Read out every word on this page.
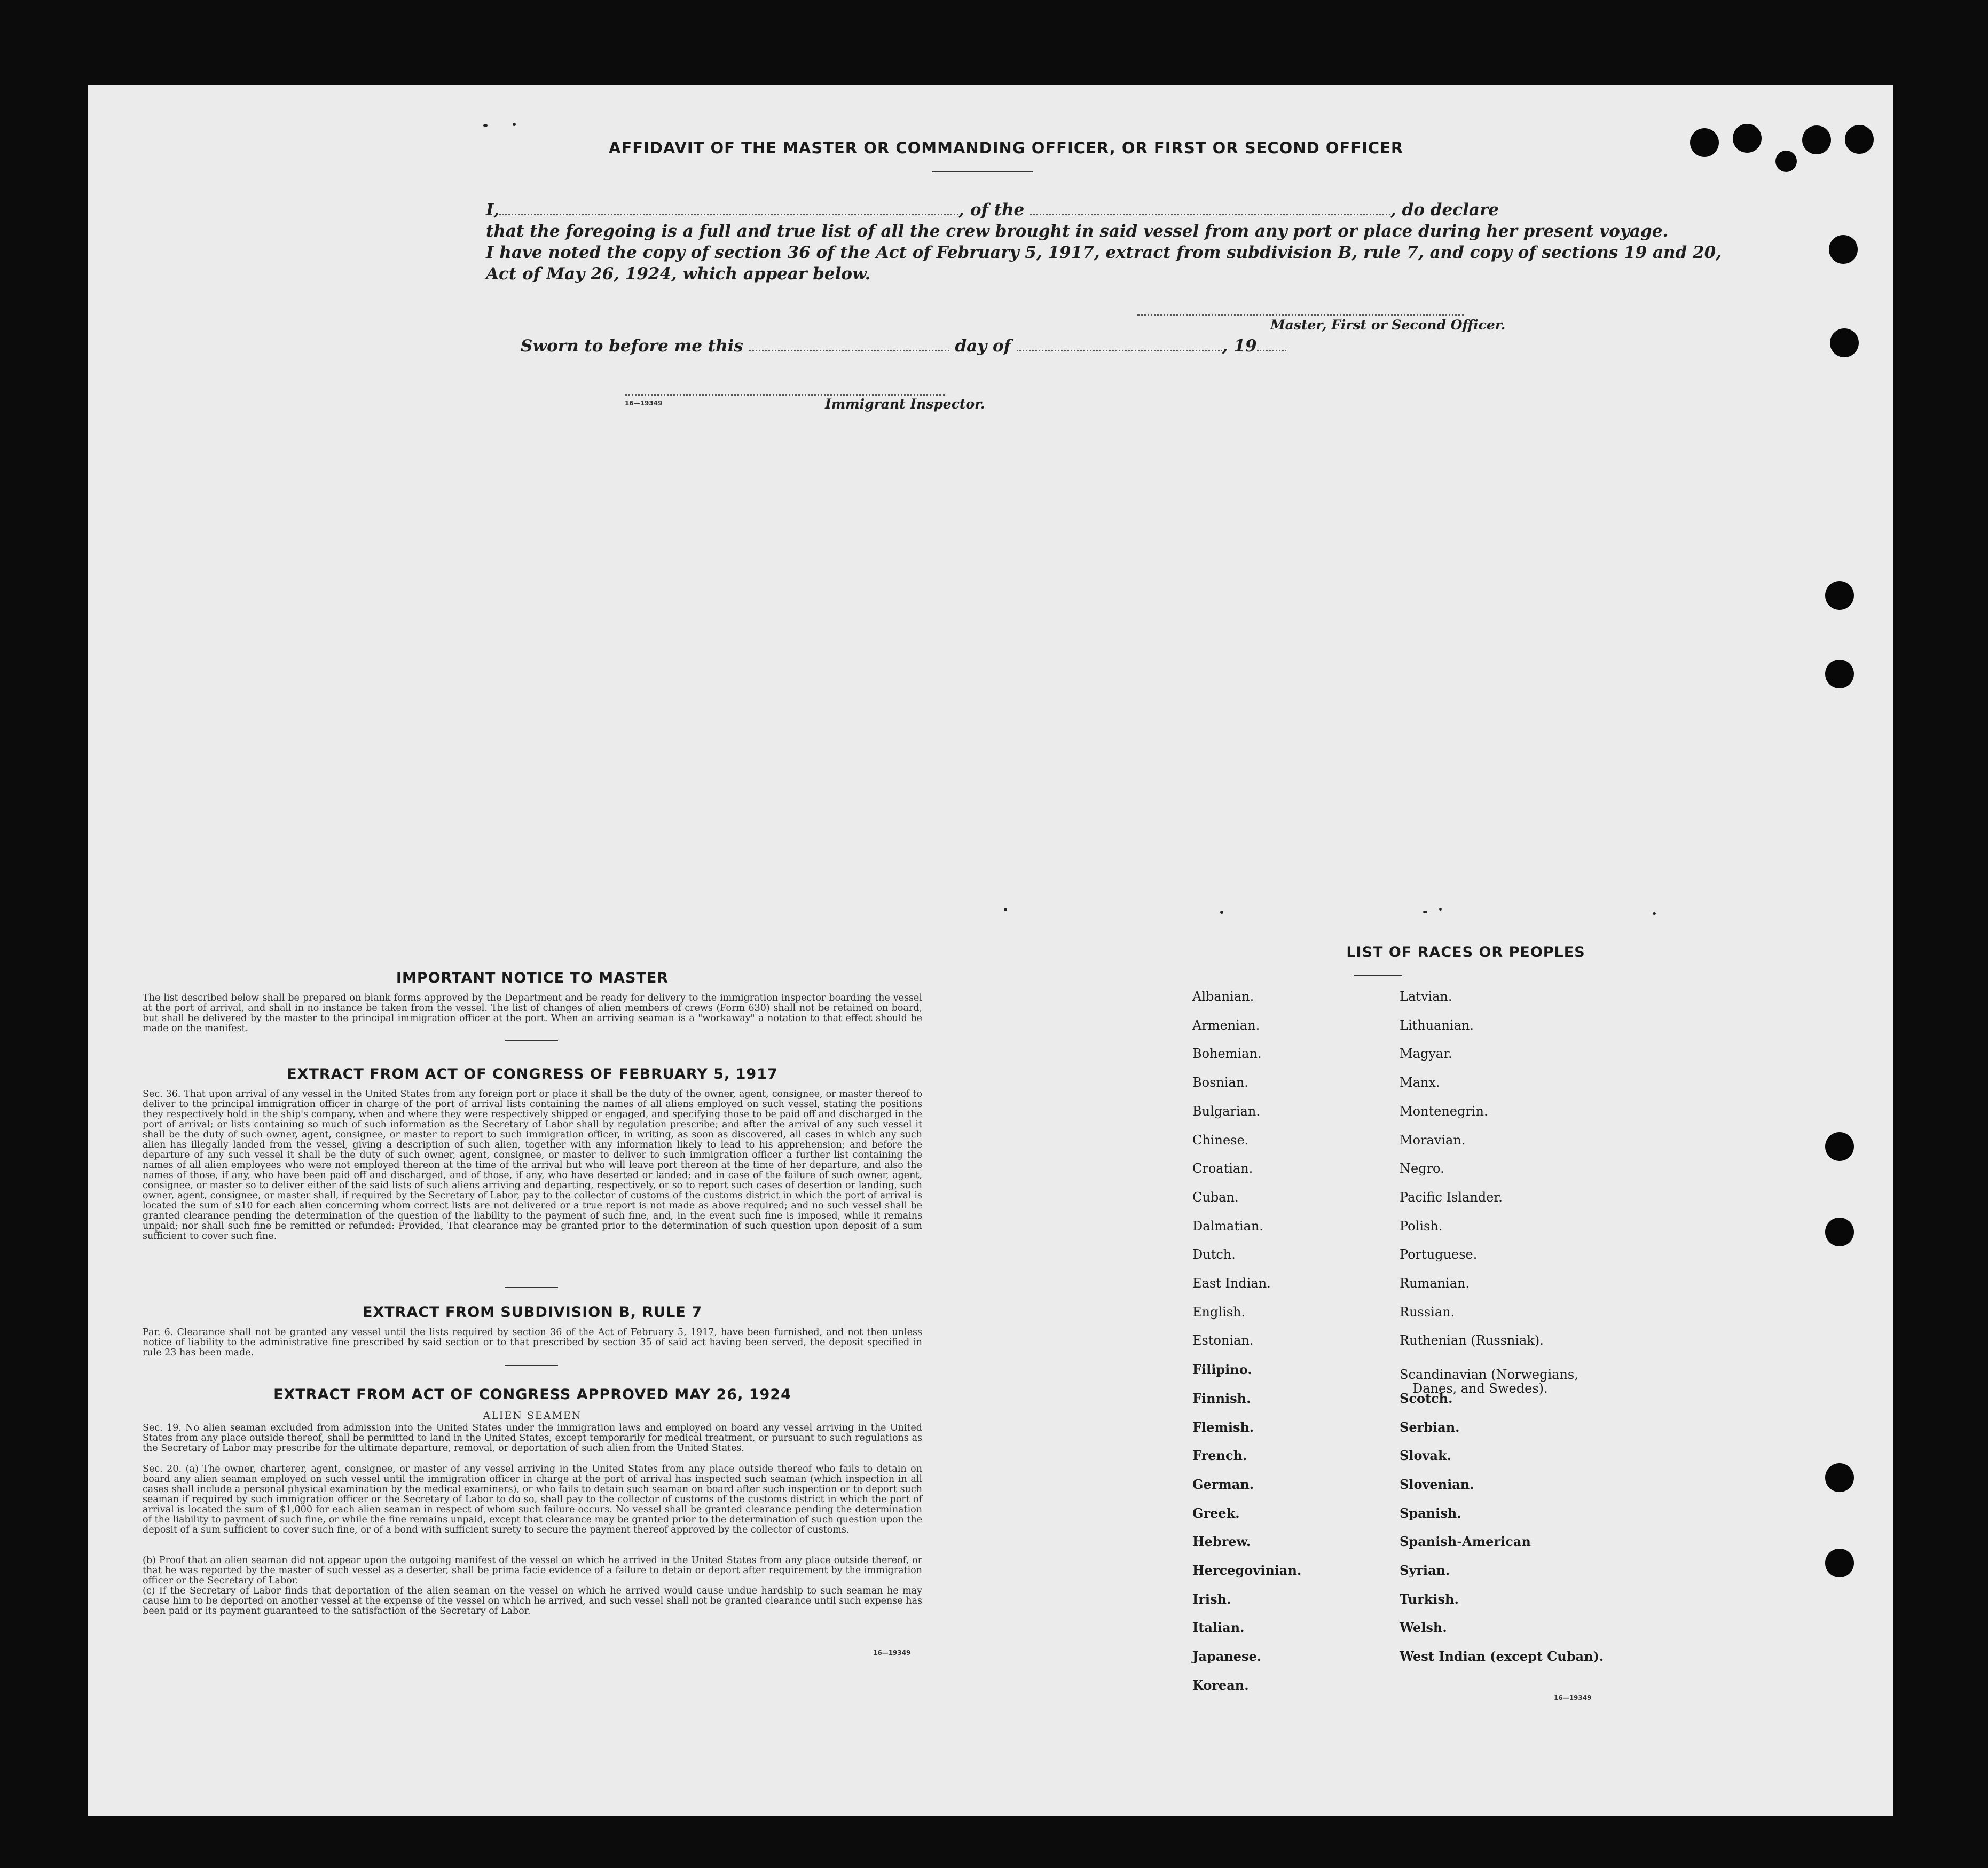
AFFIDAVIT OF THE MASTER OR COMMANDING OFFICER, OR FIRST OR SECOND OFFICER
I,	, of the	, do declare
that the foregoing is a full and true list of all the crew brought in said vessel from any port or place during her present voyage.
I have noted the copy of section 36 of the Act of February 5, 1917, extract from subdivision B, rule 7, and copy of sections 19 and 20,
Act of May 26, 1924, which appear below.
Master, First or Second Officer.
Sworn to before me this	day of	, 19
16—19349	Immigrant Inspector.
IMPORTANT NOTICE TO MASTER
The list described below shall be prepared on blank forms approved by the Department and be ready for delivery to the immigration inspector boarding the vessel at the port of arrival, and shall in no instance be taken from the vessel. The list of changes of alien members of crews (Form 630) shall not be retained on board, but shall be delivered by the master to the principal immigration officer at the port. When an arriving seaman is a "workaway" a notation to that effect should be made on the manifest.
EXTRACT FROM ACT OF CONGRESS OF FEBRUARY 5, 1917
Sec. 36. That upon arrival of any vessel in the United States from any foreign port or place it shall be the duty of the owner, agent, consignee, or master thereof to deliver to the principal immigration officer in charge of the port of arrival lists containing the names of all aliens employed on such vessel, stating the positions they respectively hold in the ship's company, when and where they were respectively shipped or engaged, and specifying those to be paid off and discharged in the port of arrival; or lists containing so much of such information as the Secretary of Labor shall by regulation prescribe; and after the arrival of any such vessel it shall be the duty of such owner, agent, consignee, or master to report to such immigration officer, in writing, as soon as discovered, all cases in which any such alien has illegally landed from the vessel, giving a description of such alien, together with any information likely to lead to his apprehension; and before the departure of any such vessel it shall be the duty of such owner, agent, consignee, or master to deliver to such immigration officer a further list containing the names of all alien employees who were not employed thereon at the time of the arrival but who will leave port thereon at the time of her departure, and also the names of those, if any, who have been paid off and discharged, and of those, if any, who have deserted or landed; and in case of the failure of such owner, agent, consignee, or master so to deliver either of the said lists of such aliens arriving and departing, respectively, or so to report such cases of desertion or landing, such owner, agent, consignee, or master shall, if required by the Secretary of Labor, pay to the collector of customs of the customs district in which the port of arrival is located the sum of $10 for each alien concerning whom correct lists are not delivered or a true report is not made as above required; and no such vessel shall be granted clearance pending the determination of the question of the liability to the payment of such fine, and, in the event such fine is imposed, while it remains unpaid; nor shall such fine be remitted or refunded: Provided, That clearance may be granted prior to the determination of such question upon deposit of a sum sufficient to cover such fine.
EXTRACT FROM SUBDIVISION B, RULE 7
Par. 6. Clearance shall not be granted any vessel until the lists required by section 36 of the Act of February 5, 1917, have been furnished, and not then unless notice of liability to the administrative fine prescribed by said section or to that prescribed by section 35 of said act having been served, the deposit specified in rule 23 has been made.
EXTRACT FROM ACT OF CONGRESS APPROVED MAY 26, 1924
ALIEN SEAMEN
Sec. 19. No alien seaman excluded from admission into the United States under the immigration laws and employed on board any vessel arriving in the United States from any place outside thereof, shall be permitted to land in the United States, except temporarily for medical treatment, or pursuant to such regulations as the Secretary of Labor may prescribe for the ultimate departure, removal, or deportation of such alien from the United States.
Sec. 20. (a) The owner, charterer, agent, consignee, or master of any vessel arriving in the United States from any place outside thereof who fails to detain on board any alien seaman employed on such vessel until the immigration officer in charge at the port of arrival has inspected such seaman (which inspection in all cases shall include a personal physical examination by the medical examiners), or who fails to detain such seaman on board after such inspection or to deport such seaman if required by such immigration officer or the Secretary of Labor to do so, shall pay to the collector of customs of the customs district in which the port of arrival is located the sum of $1,000 for each alien seaman in respect of whom such failure occurs. No vessel shall be granted clearance pending the determination of the liability to payment of such fine, or while the fine remains unpaid, except that clearance may be granted prior to the determination of such question upon the deposit of a sum sufficient to cover such fine, or of a bond with sufficient surety to secure the payment thereof approved by the collector of customs.
(b) Proof that an alien seaman did not appear upon the outgoing manifest of the vessel on which he arrived in the United States from any place outside thereof, or that he was reported by the master of such vessel as a deserter, shall be prima facie evidence of a failure to detain or deport after requirement by the immigration officer or the Secretary of Labor.
(c) If the Secretary of Labor finds that deportation of the alien seaman on the vessel on which he arrived would cause undue hardship to such seaman he may cause him to be deported on another vessel at the expense of the vessel on which he arrived, and such vessel shall not be granted clearance until such expense has been paid or its payment guaranteed to the satisfaction of the Secretary of Labor.
16—19349
LIST OF RACES OR PEOPLES
16—19349
Albanian.
Armenian.
Bohemian.
Bosnian.
Bulgarian.
Chinese.
Croatian.
Cuban.
Dalmatian.
Dutch.
East Indian.
English.
Estonian.
Filipino.
Finnish.
Flemish.
French.
German.
Greek.
Hebrew.
Hercegovinian.
Irish.
Italian.
Japanese.
Korean.
Latvian.
Lithuanian.
Magyar.
Manx.
Montenegrin.
Moravian.
Negro.
Pacific Islander.
Polish.
Portuguese.
Rumanian.
Russian.
Ruthenian (Russniak).
Scandinavian (Norwegians,
Danes, and Swedes).
Scotch.
Serbian.
Slovak.
Slovenian.
Spanish.
Spanish-American
Syrian.
Turkish.
Welsh.
West Indian (except Cuban).
